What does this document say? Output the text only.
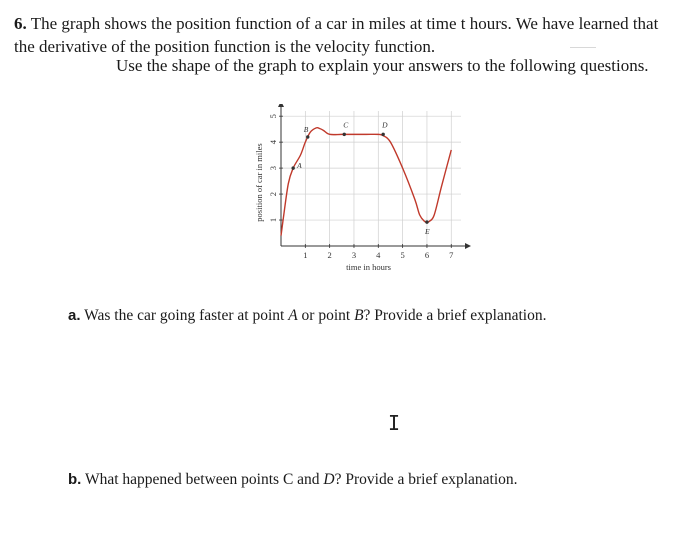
6. The graph shows the position function of a car in miles at time t hours. We have learned that
the derivative of the position function is the velocity function.
Use the shape of the graph to explain your answers to the following questions.
A
B
C	D
E
1 2 3 4 5 6 7
1
2
3
4
5
time in hours
position of car in miles
a. Was the car going faster at point A or point B? Provide a brief explanation.
I
b. What happened between points C and D? Provide a brief explanation.
